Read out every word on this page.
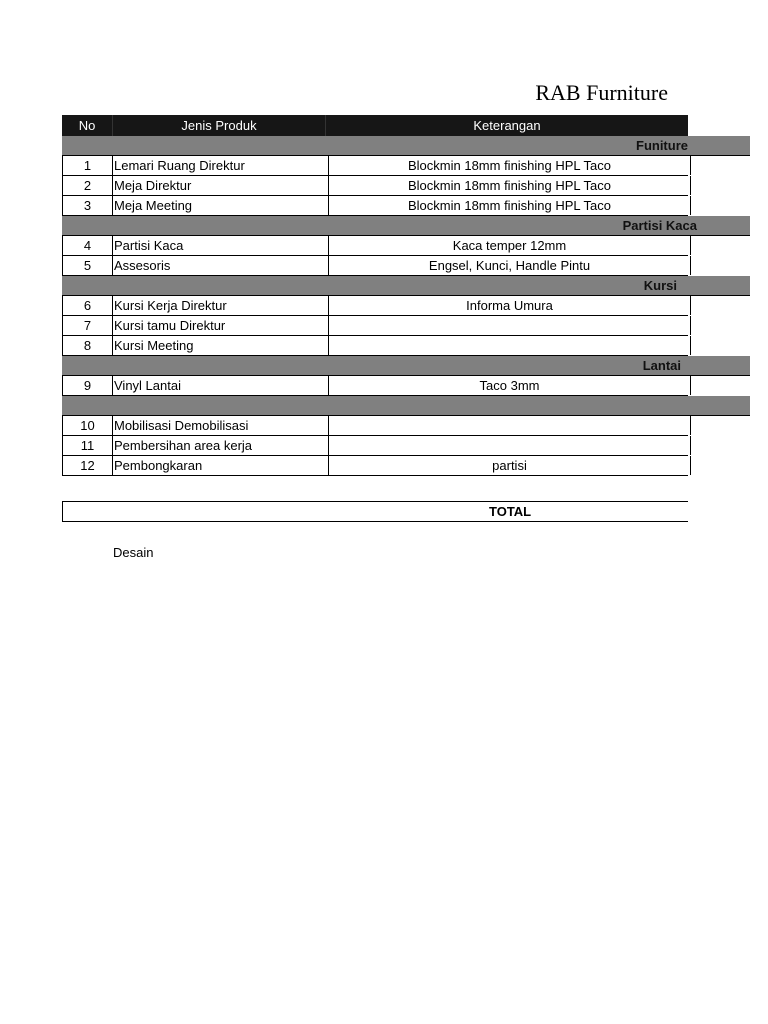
RAB Furniture
No	Jenis Produk	Keterangan
Funiture
1	Lemari Ruang Direktur	Blockmin 18mm finishing HPL Taco
2	Meja Direktur	Blockmin 18mm finishing HPL Taco
3	Meja Meeting	Blockmin 18mm finishing HPL Taco
Partisi Kaca
4	Partisi Kaca	Kaca temper 12mm
5	Assesoris	Engsel, Kunci, Handle Pintu
Kursi
6	Kursi Kerja Direktur	Informa Umura
7	Kursi tamu Direktur
8	Kursi Meeting
Lantai
9	Vinyl Lantai	Taco 3mm
10	Mobilisasi Demobilisasi
11	Pembersihan area kerja
12	Pembongkaran	partisi
TOTAL
Desain
